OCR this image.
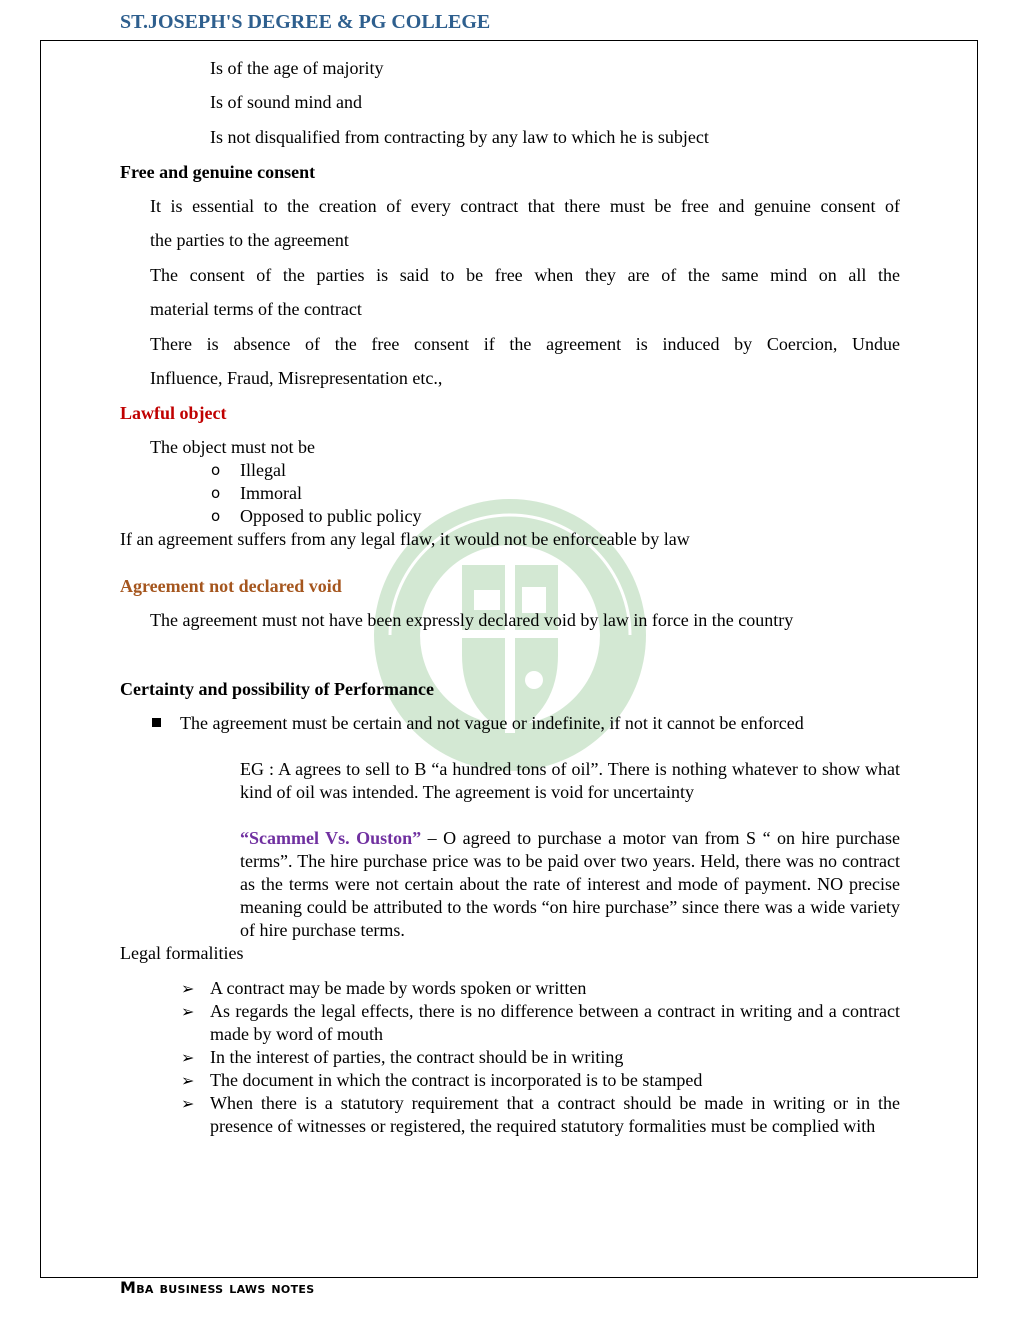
ST.JOSEPH'S DEGREE & PG COLLEGE
Is of the age of majority
Is of sound mind and
Is not disqualified from contracting by any law to which he is subject
Free and genuine consent
It is essential to the creation of every contract that there must be free and genuine consent of
the parties to the agreement
The consent of the parties is said to be free when they are of the same mind on all the
material terms of the contract
There is absence of the free consent if the agreement is induced by Coercion, Undue
Influence, Fraud, Misrepresentation etc.,
Lawful object
The object must not be
o Illegal
o Immoral
o Opposed to public policy
If an agreement suffers from any legal flaw, it would not be enforceable by law
Agreement not declared void
The agreement must not have been expressly declared void by law in force in the country
Certainty and possibility of Performance
The agreement must be certain and not vague or indefinite, if not it cannot be enforced
EG : A agrees to sell to B “a hundred tons of oil”. There is nothing whatever to show what kind of oil was intended. The agreement is void for uncertainty
“Scammel Vs. Ouston” – O agreed to purchase a motor van from S “ on hire purchase terms”. The hire purchase price was to be paid over two years. Held, there was no contract as the terms were not certain about the rate of interest and mode of payment. NO precise meaning could be attributed to the words “on hire purchase” since there was a wide variety of hire purchase terms.
Legal formalities
➢ A contract may be made by words spoken or written
➢ As regards the legal effects, there is no difference between a contract in writing and a contract made by word of mouth
➢ In the interest of parties, the contract should be in writing
➢ The document in which the contract is incorporated is to be stamped
➢ When there is a statutory requirement that a contract should be made in writing or in the presence of witnesses or registered, the required statutory formalities must be complied with
Mba business laws notes
